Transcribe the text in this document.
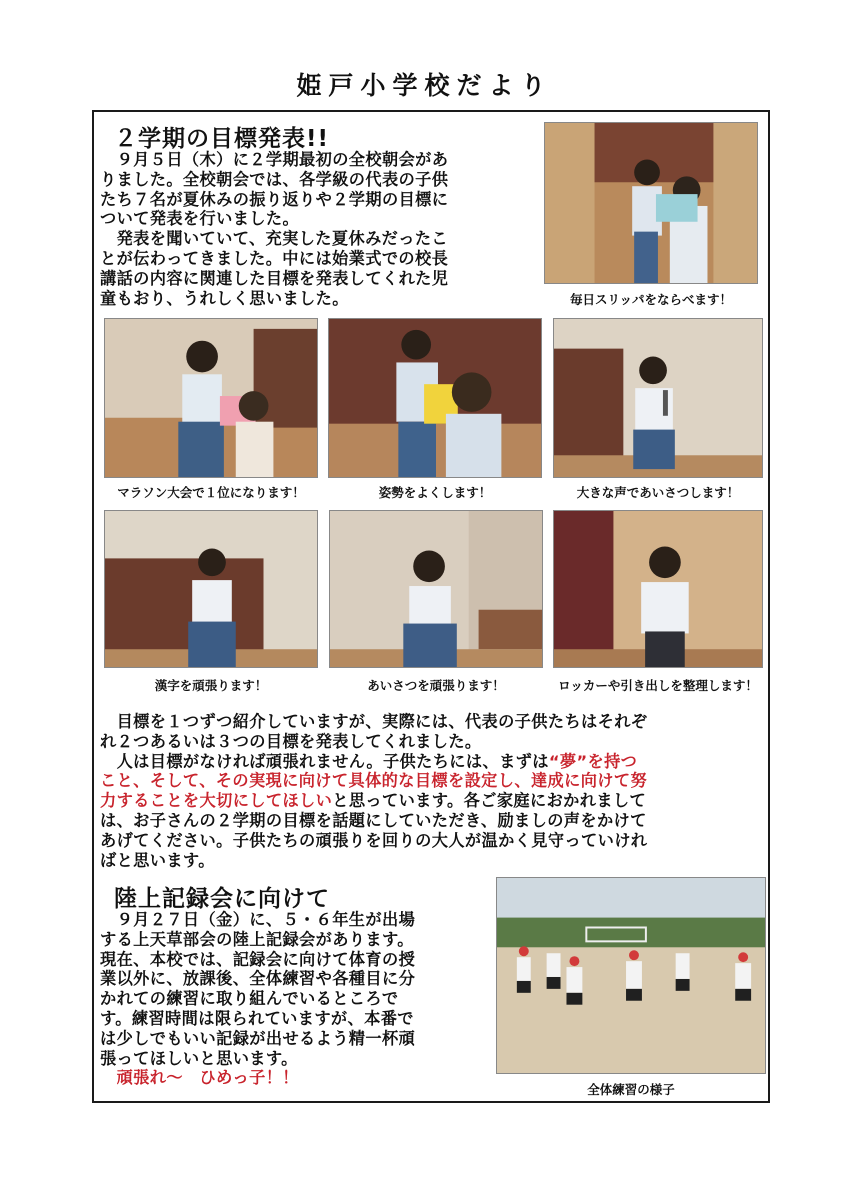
姫戸小学校だより
２学期の目標発表!!
　９月５日（木）に２学期最初の全校朝会があ
りました。全校朝会では、各学級の代表の子供
たち７名が夏休みの振り返りや２学期の目標に
ついて発表を行いました。
　発表を聞いていて、充実した夏休みだったこ
とが伝わってきました。中には始業式での校長
講話の内容に関連した目標を発表してくれた児
童もおり、うれしく思いました。	毎日スリッパをならべます！
マラソン大会で１位になります！	姿勢をよくします！	大きな声であいさつします！
漢字を頑張ります！	あいさつを頑張ります！	ロッカーや引き出しを整理します！
　目標を１つずつ紹介していますが、実際には、代表の子供たちはそれぞ
れ２つあるいは３つの目標を発表してくれました。
　人は目標がなければ頑張れません。子供たちには、まずは“夢”を持つ
こと、そして、その実現に向けて具体的な目標を設定し、達成に向けて努
力することを大切にしてほしいと思っています。各ご家庭におかれまして
は、お子さんの２学期の目標を話題にしていただき、励ましの声をかけて
あげてください。子供たちの頑張りを回りの大人が温かく見守っていけれ
ばと思います。
陸上記録会に向けて
　９月２７日（金）に、５・６年生が出場
する上天草部会の陸上記録会があります。
現在、本校では、記録会に向けて体育の授
業以外に、放課後、全体練習や各種目に分
かれての練習に取り組んでいるところで
す。練習時間は限られていますが、本番で
は少しでもいい記録が出せるよう精一杯頑
張ってほしいと思います。
　頑張れ～　ひめっ子！！
全体練習の様子
